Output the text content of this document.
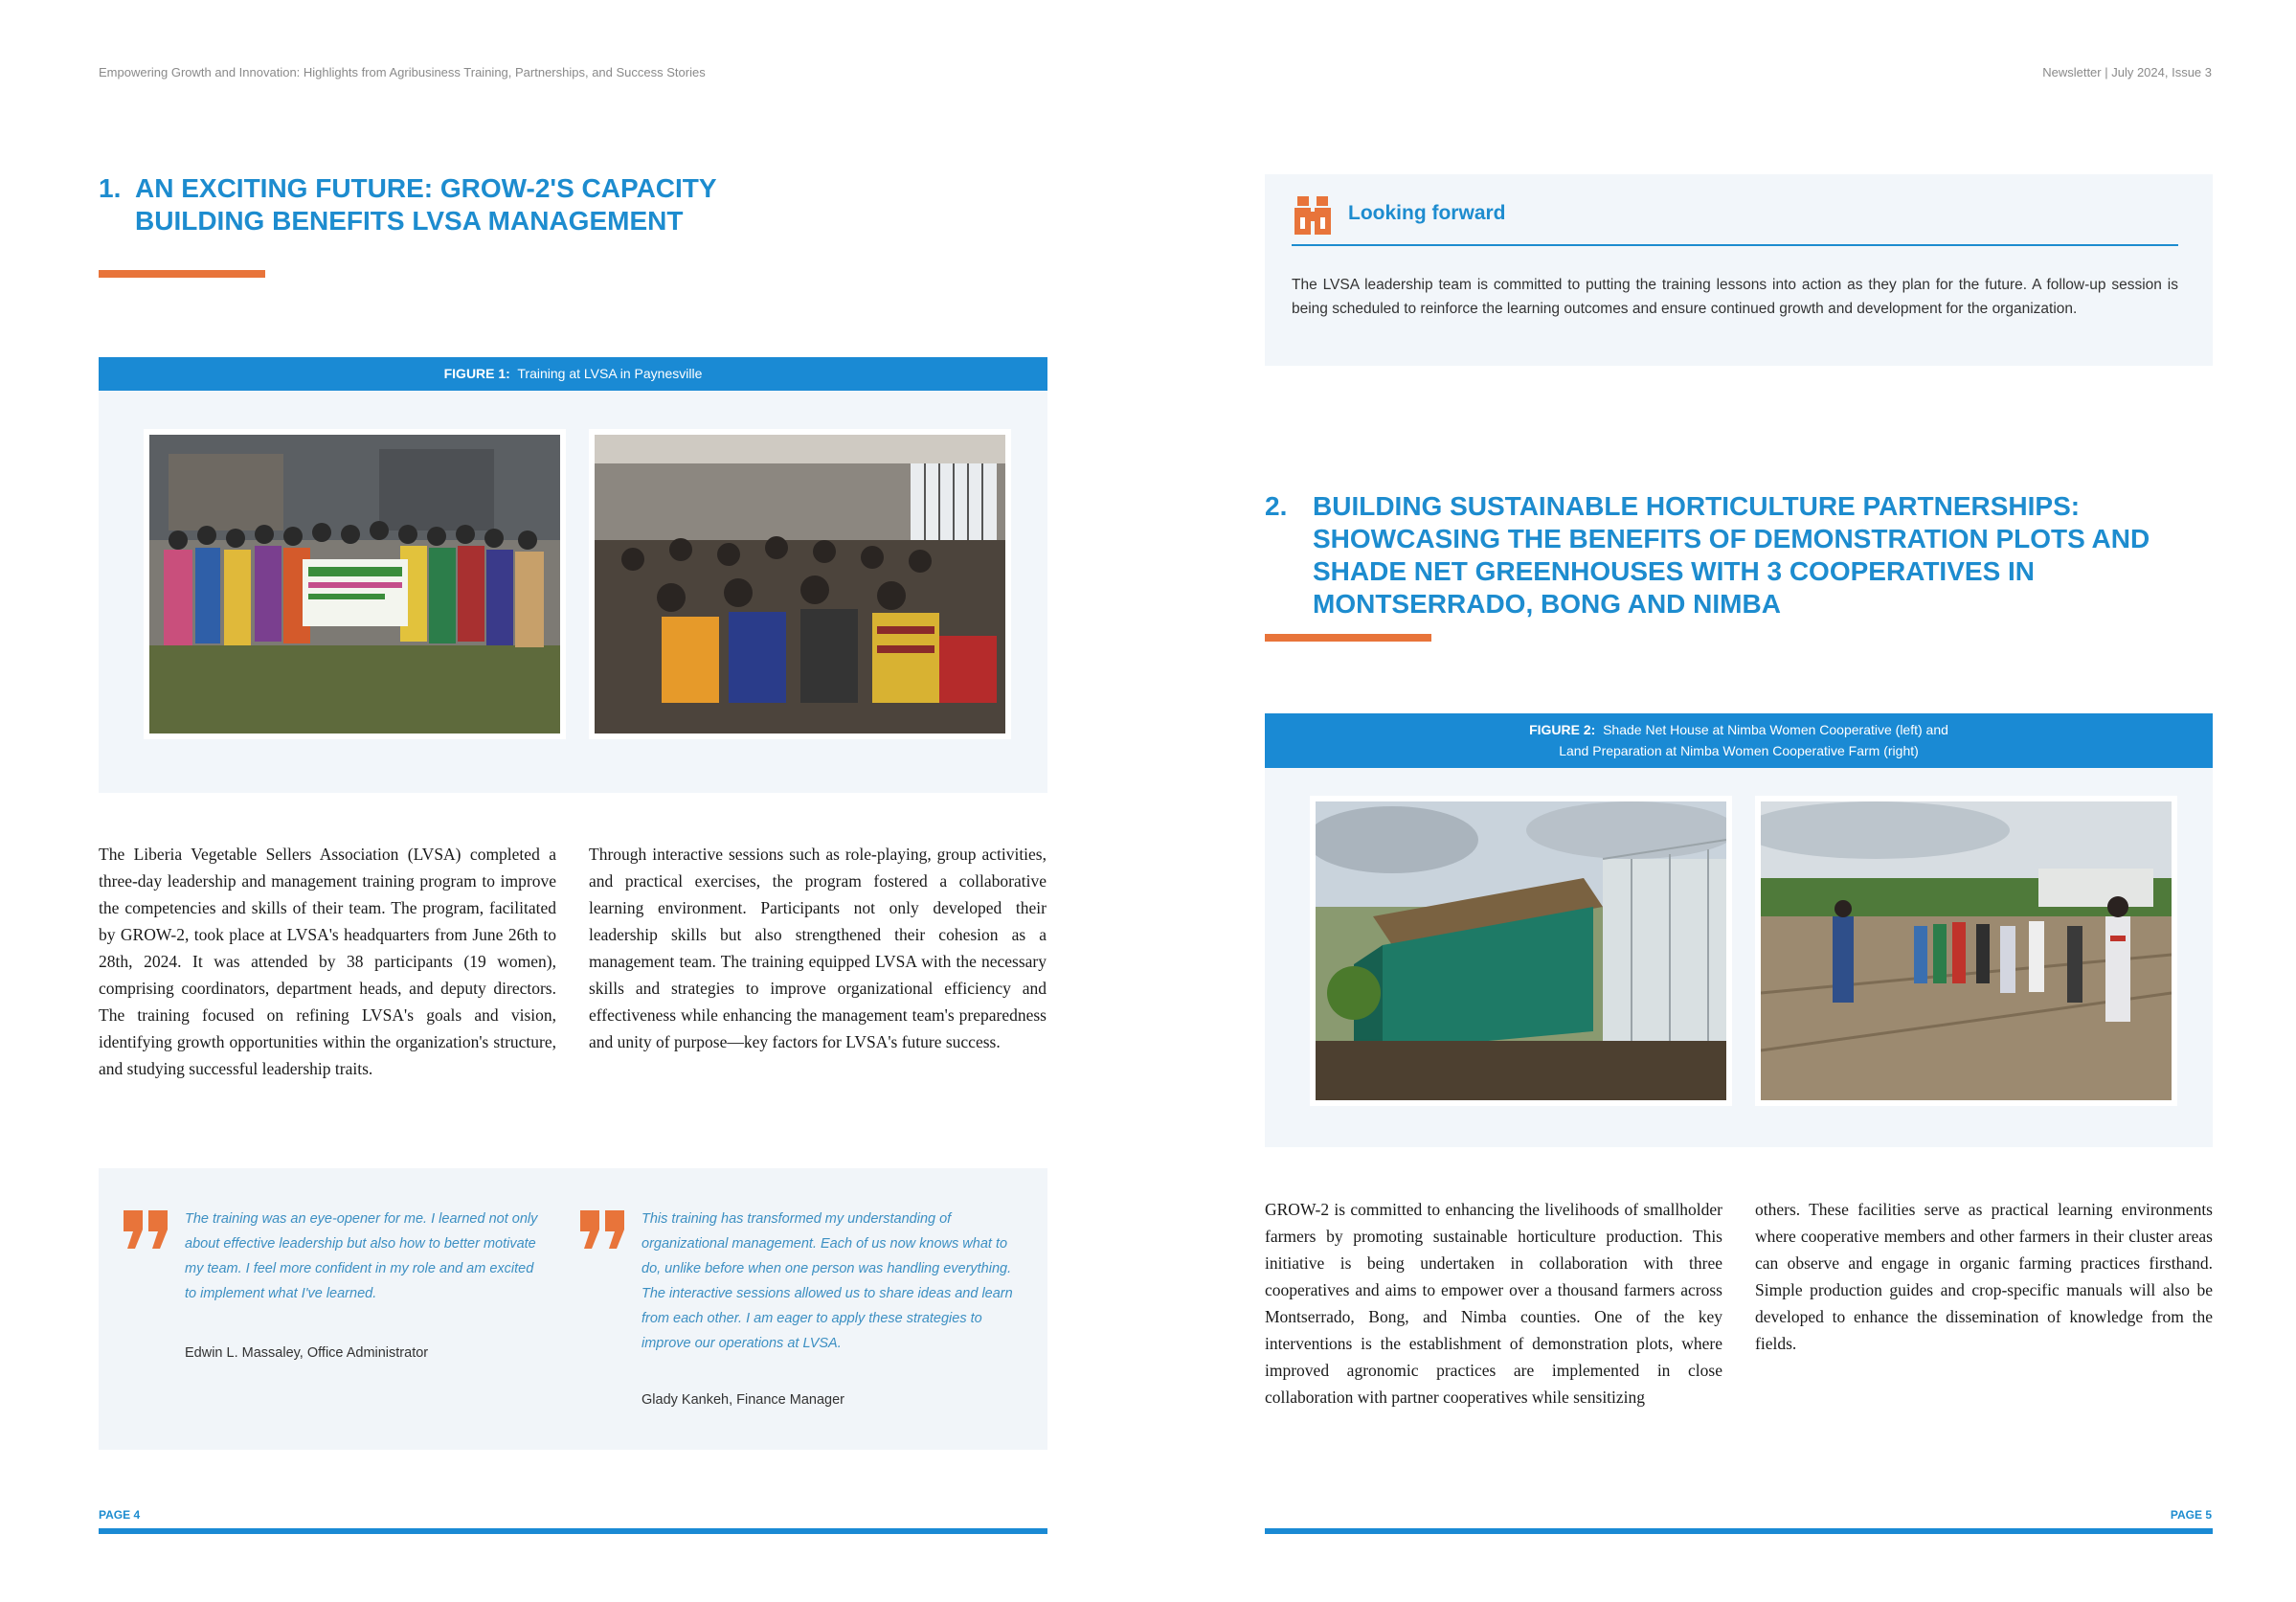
Empowering Growth and Innovation: Highlights from Agribusiness Training, Partnerships, and Success Stories	Newsletter | July 2024, Issue 3
1. AN EXCITING FUTURE: GROW-2'S CAPACITY BUILDING BENEFITS LVSA MANAGEMENT
FIGURE 1: Training at LVSA in Paynesville
The Liberia Vegetable Sellers Association (LVSA) completed a three-day leadership and management training program to improve the competencies and skills of their team. The program, facilitated by GROW-2, took place at LVSA's headquarters from June 26th to 28th, 2024. It was attended by 38 participants (19 women), comprising coordinators, department heads, and deputy directors. The training focused on refining LVSA's goals and vision, identifying growth opportunities within the organization's structure, and studying successful leadership traits.
Through interactive sessions such as role-playing, group activities, and practical exercises, the program fostered a collaborative learning environment. Participants not only developed their leadership skills but also strengthened their cohesion as a management team. The training equipped LVSA with the necessary skills and strategies to improve organizational efficiency and effectiveness while enhancing the management team's preparedness and unity of purpose—key factors for LVSA's future success.
The training was an eye-opener for me. I learned not only about effective leadership but also how to better motivate my team. I feel more confident in my role and am excited to implement what I've learned.
Edwin L. Massaley, Office Administrator
This training has transformed my understanding of organizational management. Each of us now knows what to do, unlike before when one person was handling everything. The interactive sessions allowed us to share ideas and learn from each other. I am eager to apply these strategies to improve our operations at LVSA.
Glady Kankeh, Finance Manager
PAGE 4
Looking forward
The LVSA leadership team is committed to putting the training lessons into action as they plan for the future. A follow-up session is being scheduled to reinforce the learning outcomes and ensure continued growth and development for the organization.
2. BUILDING SUSTAINABLE HORTICULTURE PARTNERSHIPS: SHOWCASING THE BENEFITS OF DEMONSTRATION PLOTS AND SHADE NET GREENHOUSES WITH 3 COOPERATIVES IN MONTSERRADO, BONG AND NIMBA
FIGURE 2: Shade Net House at Nimba Women Cooperative (left) and
Land Preparation at Nimba Women Cooperative Farm (right)
GROW-2 is committed to enhancing the livelihoods of smallholder farmers by promoting sustainable horticulture production. This initiative is being undertaken in collaboration with three cooperatives and aims to empower over a thousand farmers across Montserrado, Bong, and Nimba counties. One of the key interventions is the establishment of demonstration plots, where improved agronomic practices are implemented in close collaboration with partner cooperatives while sensitizing
others. These facilities serve as practical learning environments where cooperative members and other farmers in their cluster areas can observe and engage in organic farming practices firsthand. Simple production guides and crop-specific manuals will also be developed to enhance the dissemination of knowledge from the fields.
PAGE 5
